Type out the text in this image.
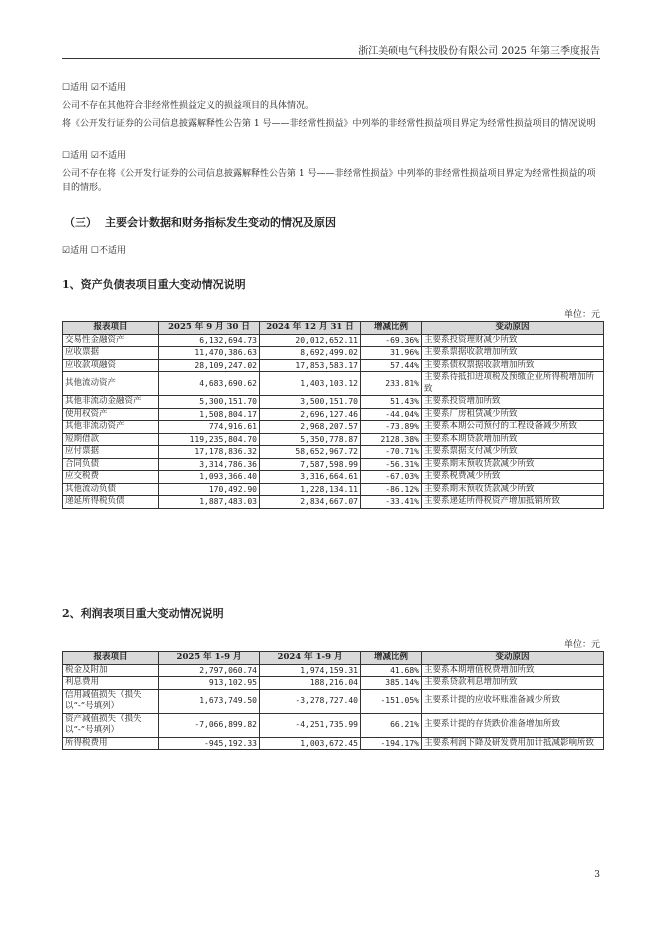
浙江美硕电气科技股份有限公司 2025 年第三季度报告
☐适用 ☑不适用
公司不存在其他符合非经常性损益定义的损益项目的具体情况。
将《公开发行证券的公司信息披露解释性公告第 1 号——非经常性损益》中列举的非经常性损益项目界定为经常性损益项目的情况说明
☐适用 ☑不适用
公司不存在将《公开发行证券的公司信息披露解释性公告第 1 号——非经常性损益》中列举的非经常性损益项目界定为经常性损益的项目的情形。
（三） 主要会计数据和财务指标发生变动的情况及原因
☑适用 ☐不适用
1、资产负债表项目重大变动情况说明
单位：元
报表项目	2025 年 9 月 30 日	2024 年 12 月 31 日	增减比例	变动原因
交易性金融资产	6,132,694.73	20,012,652.11	-69.36%	主要系投资理财减少所致
应收票据	11,470,386.63	8,692,499.02	31.96%	主要系票据收款增加所致
应收款项融资	28,109,247.02	17,853,583.17	57.44%	主要系债权票据收款增加所致
其他流动资产	4,683,690.62	1,403,103.12	233.81%	主要系待抵扣进项税及预缴企业所得税增加所致
其他非流动金融资产	5,300,151.70	3,500,151.70	51.43%	主要系投资增加所致
使用权资产	1,508,804.17	2,696,127.46	-44.04%	主要系厂房租赁减少所致
其他非流动资产	774,916.61	2,968,207.57	-73.89%	主要系本期公司预付的工程设备减少所致
短期借款	119,235,804.70	5,350,778.87	2128.38%	主要系本期贷款增加所致
应付票据	17,178,836.32	58,652,967.72	-70.71%	主要系票据支付减少所致
合同负债	3,314,786.36	7,587,598.99	-56.31%	主要系期末预收货款减少所致
应交税费	1,093,366.40	3,316,664.61	-67.03%	主要系税费减少所致
其他流动负债	170,492.90	1,228,134.11	-86.12%	主要系期末预收货款减少所致
递延所得税负债	1,887,483.03	2,834,667.07	-33.41%	主要系递延所得税资产增加抵销所致
2、利润表项目重大变动情况说明
单位：元
报表项目	2025 年 1-9 月	2024 年 1-9 月	增减比例	变动原因
税金及附加	2,797,060.74	1,974,159.31	41.68%	主要系本期增值税费增加所致
利息费用	913,102.95	188,216.04	385.14%	主要系贷款利息增加所致
信用减值损失（损失以“-”号填列）	1,673,749.50	-3,278,727.40	-151.05%	主要系计提的应收坏账准备减少所致
资产减值损失（损失以“-”号填列）	-7,066,899.82	-4,251,735.99	66.21%	主要系计提的存货跌价准备增加所致
所得税费用	-945,192.33	1,003,672.45	-194.17%	主要系利润下降及研发费用加计抵减影响所致
3
